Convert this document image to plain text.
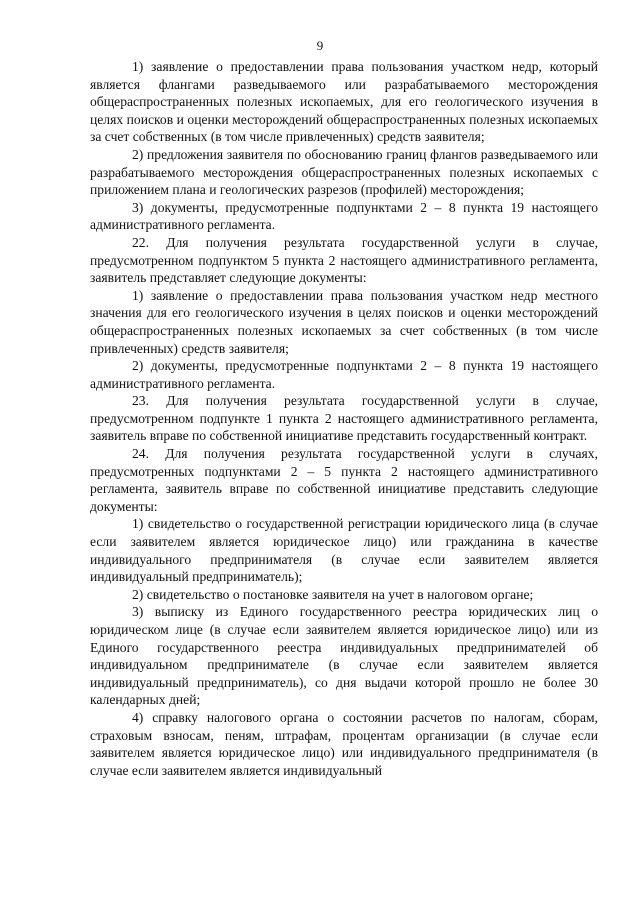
9

1) заявление о предоставлении права пользования участком недр, который является флангами разведываемого или разрабатываемого месторождения общераспространенных полезных ископаемых, для его геологического изучения в целях поисков и оценки месторождений общераспространенных полезных ископаемых за счет собственных (в том числе привлеченных) средств заявителя;

2) предложения заявителя по обоснованию границ флангов разведываемого или разрабатываемого месторождения общераспространенных полезных ископаемых с приложением плана и геологических разрезов (профилей) месторождения;

3) документы, предусмотренные подпунктами 2 – 8 пункта 19 настоящего административного регламента.

22. Для получения результата государственной услуги в случае, предусмотренном подпунктом 5 пункта 2 настоящего административного регламента, заявитель представляет следующие документы:

1) заявление о предоставлении права пользования участком недр местного значения для его геологического изучения в целях поисков и оценки месторождений общераспространенных полезных ископаемых за счет собственных (в том числе привлеченных) средств заявителя;

2) документы, предусмотренные подпунктами 2 – 8 пункта 19 настоящего административного регламента.

23. Для получения результата государственной услуги в случае, предусмотренном подпункте 1 пункта 2 настоящего административного регламента, заявитель вправе по собственной инициативе представить государственный контракт.

24. Для получения результата государственной услуги в случаях, предусмотренных подпунктами 2 – 5 пункта 2 настоящего административного регламента, заявитель вправе по собственной инициативе представить следующие документы:

1) свидетельство о государственной регистрации юридического лица (в случае если заявителем является юридическое лицо) или гражданина в качестве индивидуального предпринимателя (в случае если заявителем является индивидуальный предприниматель);

2) свидетельство о постановке заявителя на учет в налоговом органе;

3) выписку из Единого государственного реестра юридических лиц о юридическом лице (в случае если заявителем является юридическое лицо) или из Единого государственного реестра индивидуальных предпринимателей об индивидуальном предпринимателе (в случае если заявителем является индивидуальный предприниматель), со дня выдачи которой прошло не более 30 календарных дней;

4) справку налогового органа о состоянии расчетов по налогам, сборам, страховым взносам, пеням, штрафам, процентам организации (в случае если заявителем является юридическое лицо) или индивидуального предпринимателя (в случае если заявителем является индивидуальный
